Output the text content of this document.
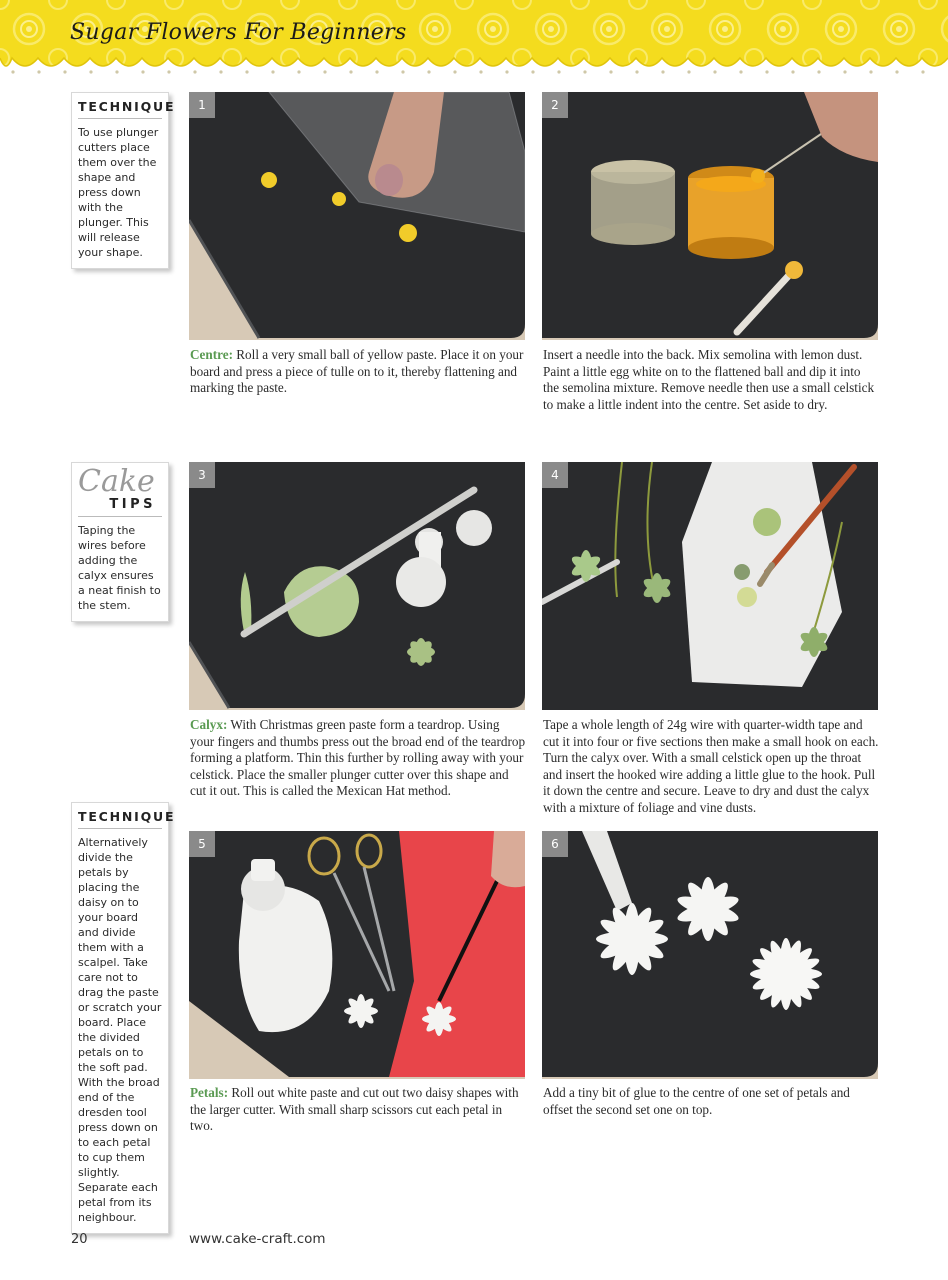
Sugar Flowers For Beginners
TECHNIQUE
To use plunger cutters place them over the shape and press down with the plunger. This will release your shape.
Cake
TIPS
Taping the wires before adding the calyx ensures a neat finish to the stem.
TECHNIQUE
Alternatively divide the petals by placing the daisy on to your board and divide them with a scalpel. Take care not to drag the paste or scratch your board. Place the divided petals on to the soft pad. With the broad end of the dresden tool press down on to each petal to cup them slightly. Separate each petal from its neighbour.
1
Centre: Roll a very small ball of yellow paste. Place it on your board and press a piece of tulle on to it, thereby flattening and marking the paste.
2
Insert a needle into the back. Mix semolina with lemon dust. Paint a little egg white on to the flattened ball and dip it into the semolina mixture. Remove needle then use a small celstick to make a little indent into the centre. Set aside to dry.
3
Calyx: With Christmas green paste form a teardrop. Using your fingers and thumbs press out the broad end of the teardrop forming a platform. Thin this further by rolling away with your celstick. Place the smaller plunger cutter over this shape and cut it out. This is called the Mexican Hat method.
4
Tape a whole length of 24g wire with quarter-width tape and cut it into four or five sections then make a small hook on each. Turn the calyx over. With a small celstick open up the throat and insert the hooked wire adding a little glue to the hook. Pull it down the centre and secure. Leave to dry and dust the calyx with a mixture of foliage and vine dusts.
5
Petals: Roll out white paste and cut out two daisy shapes with the larger cutter. With small sharp scissors cut each petal in two.
6
Add a tiny bit of glue to the centre of one set of petals and offset the second set one on top.
20	www.cake-craft.com
